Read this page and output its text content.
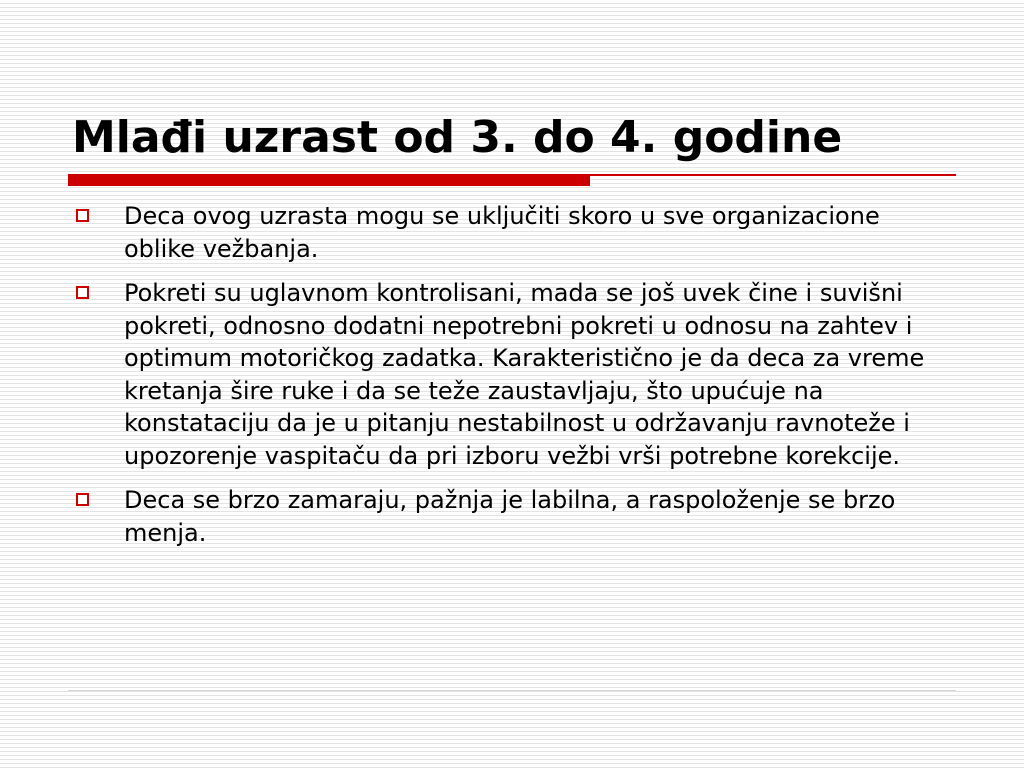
Mlađi uzrast od 3. do 4. godine
Deca ovog uzrasta mogu se uključiti skoro u sve organizacione oblike vežbanja.
Pokreti su uglavnom kontrolisani, mada se još uvek čine i suvišni pokreti, odnosno dodatni nepotrebni pokreti u odnosu na zahtev i optimum motoričkog zadatka. Karakteristično je da deca za vreme kretanja šire ruke i da se teže zaustavljaju, što upućuje na konstataciju da je u pitanju nestabilnost u održavanju ravnoteže i upozorenje vaspitaču da pri izboru vežbi vrši potrebne korekcije.
Deca se brzo zamaraju, pažnja je labilna, a raspoloženje se brzo menja.
